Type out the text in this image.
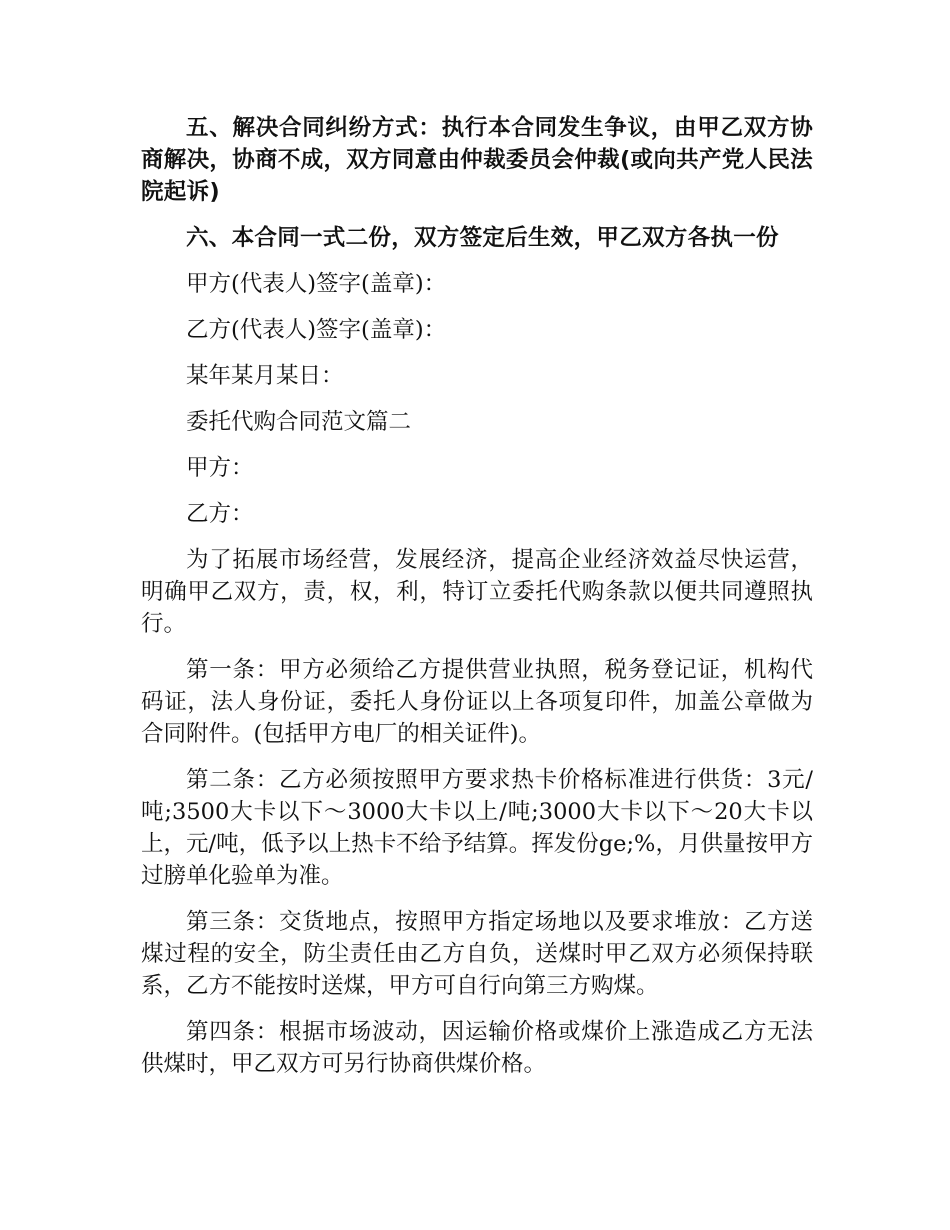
五、解决合同纠纷方式：执行本合同发生争议，由甲乙双方协商解决，协商不成，双方同意由仲裁委员会仲裁(或向共产党人民法院起诉)

六、本合同一式二份，双方签定后生效，甲乙双方各执一份

甲方(代表人)签字(盖章)：

乙方(代表人)签字(盖章)：

某年某月某日：

委托代购合同范文篇二

甲方：

乙方：

为了拓展市场经营，发展经济，提高企业经济效益尽快运营，明确甲乙双方，责，权，利，特订立委托代购条款以便共同遵照执行。

第一条：甲方必须给乙方提供营业执照，税务登记证，机构代码证，法人身份证，委托人身份证以上各项复印件，加盖公章做为合同附件。(包括甲方电厂的相关证件)。

第二条：乙方必须按照甲方要求热卡价格标准进行供货：3元/吨;3500大卡以下～3000大卡以上/吨;3000大卡以下～20大卡以上，元/吨，低予以上热卡不给予结算。挥发份ge;%，月供量按甲方过膀单化验单为准。

第三条：交货地点，按照甲方指定场地以及要求堆放：乙方送煤过程的安全，防尘责任由乙方自负，送煤时甲乙双方必须保持联系，乙方不能按时送煤，甲方可自行向第三方购煤。

第四条：根据市场波动，因运输价格或煤价上涨造成乙方无法供煤时，甲乙双方可另行协商供煤价格。
